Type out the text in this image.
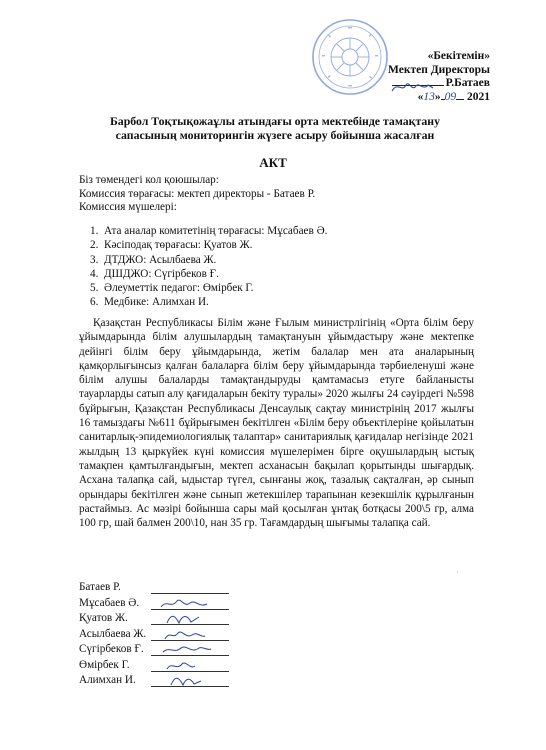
«Бекітемін»
Мектеп Директоры
Р.Батаев
«13» 09 2021
Барбол Тоқтықожаұлы атындағы орта мектебінде тамақтану
сапасының мониторингін жүзеге асыру бойынша жасалған
АКТ
Біз төмендегі кол қоюшылар:
Комиссия төрағасы: мектеп директоры - Батаев Р.
Комиссия мүшелері:
1. Ата аналар комитетінің төрағасы: Мұсабаев Ә.
2. Кәсіподақ төрағасы: Қуатов Ж.
3. ДТДЖО: Асылбаева Ж.
4. ДШДЖО: Сүгірбеков Ғ.
5. Әлеуметтік педагог: Өмірбек Г.
6. Медбике: Алимхан И.

Қазақстан Республикасы Білім және Ғылым министрлігінің «Орта білім беру ұйымдарында білім алушылардың тамақтануын ұйымдастыру және мектепке дейінгі білім беру ұйымдарында, жетім балалар мен ата аналарының қамқорлығынсыз қалған балаларға білім беру ұйымдарында тәрбиеленуші және білім алушы балаларды тамақтандыруды қамтамасыз етуге байланысты тауарларды сатып алу қағидаларын бекіту туралы» 2020 жылғы 24 сәуірдегі №598 бұйрығын, Қазақстан Республикасы Денсаулық сақтау министрінің 2017 жылғы 16 тамыздағы №611 бұйрығымен бекітілген «Білім беру объектілеріне қойылатын санитарлық-эпидемиологиялық талаптар» санитариялық қағидалар негізінде 2021 жылдың 13 қыркүйек күні комиссия мүшелерімен бірге оқушылардың ыстық тамақпен қамтылғандығын, мектеп асханасын бақылап қорытынды шығардық. Асхана талапқа сай, ыдыстар түгел, сынғаны жоқ, тазалық сақталған, әр сынып орындары бекітілген және сынып жетекшілер тарапынан кезекшілік құрылғанын растаймыз. Ас мәзірі бойынша сары май қосылған ұнтақ ботқасы 200\5 гр, алма 100 гр, шай балмен 200\10, нан 35 гр. Тағамдардың шығымы талапқа сай.

·
Батаев Р.
Мұсабаев Ә.
Қуатов Ж.
Асылбаева Ж.
Сүгірбеков Ғ.
Өмірбек Г.
Алимхан И.
